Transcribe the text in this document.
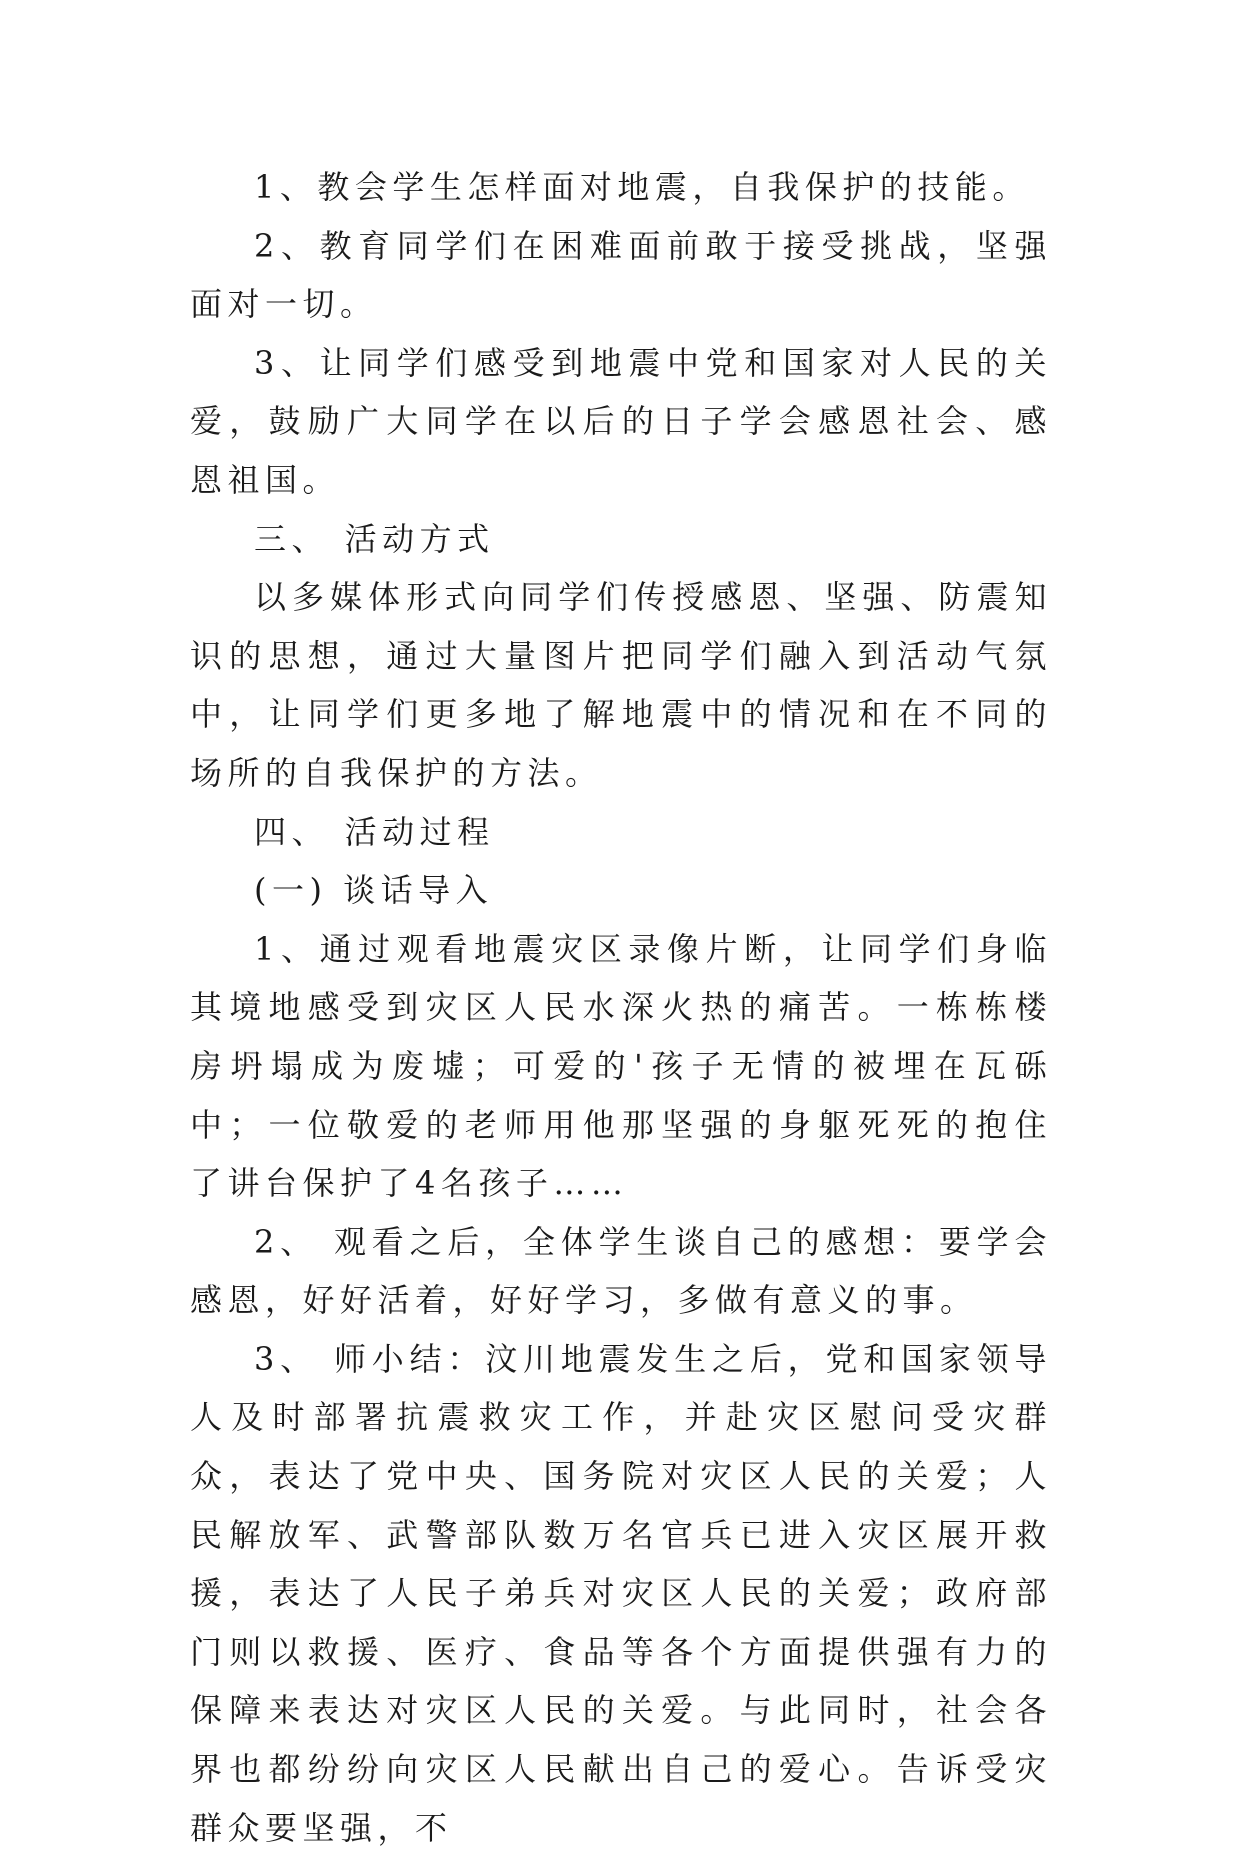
1、教会学生怎样面对地震，自我保护的技能。

2、教育同学们在困难面前敢于接受挑战，坚强面对一切。

3、让同学们感受到地震中党和国家对人民的关爱，鼓励广大同学在以后的日子学会感恩社会、感恩祖国。

三、 活动方式

以多媒体形式向同学们传授感恩、坚强、防震知识的思想，通过大量图片把同学们融入到活动气氛中，让同学们更多地了解地震中的情况和在不同的场所的自我保护的方法。

四、 活动过程

(一) 谈话导入

1、通过观看地震灾区录像片断，让同学们身临其境地感受到灾区人民水深火热的痛苦。一栋栋楼房坍塌成为废墟；可爱的'孩子无情的被埋在瓦砾中；一位敬爱的老师用他那坚强的身躯死死的抱住了讲台保护了4名孩子……

2、 观看之后，全体学生谈自己的感想：要学会感恩，好好活着，好好学习，多做有意义的事。

3、 师小结：汶川地震发生之后，党和国家领导人及时部署抗震救灾工作，并赴灾区慰问受灾群众，表达了党中央、国务院对灾区人民的关爱；人民解放军、武警部队数万名官兵已进入灾区展开救援，表达了人民子弟兵对灾区人民的关爱；政府部门则以救援、医疗、食品等各个方面提供强有力的保障来表达对灾区人民的关爱。与此同时，社会各界也都纷纷向灾区人民献出自己的爱心。告诉受灾群众要坚强，不
